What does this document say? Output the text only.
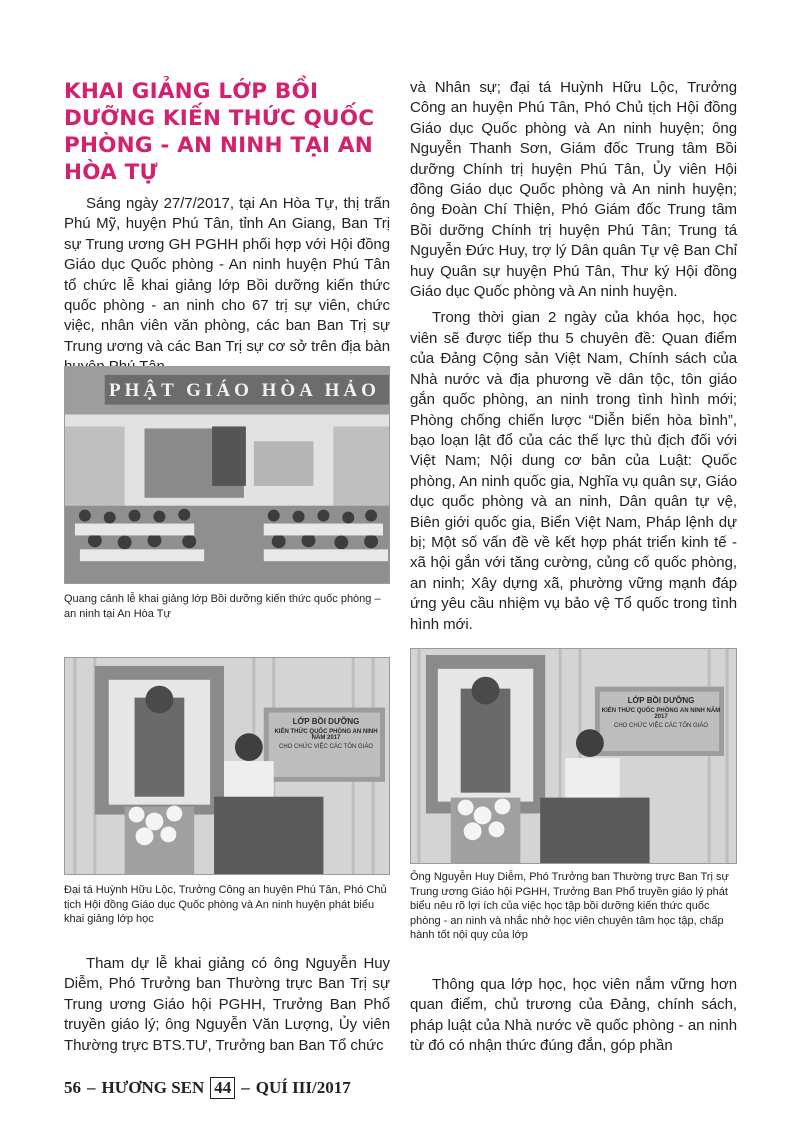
KHAI GIẢNG LỚP BỒI DƯỠNG KIẾN THỨC QUỐC PHÒNG - AN NINH TẠI AN HÒA TỰ

Sáng ngày 27/7/2017, tại An Hòa Tự, thị trấn Phú Mỹ, huyện Phú Tân, tỉnh An Giang, Ban Trị sự Trung ương GH PGHH phối hợp với Hội đồng Giáo dục Quốc phòng - An ninh huyện Phú Tân tổ chức lễ khai giảng lớp Bồi dưỡng kiến thức quốc phòng - an ninh cho 67 trị sự viên, chức việc, nhân viên văn phòng, các ban Ban Trị sự Trung ương và các Ban Trị sự cơ sở trên địa bàn

PHẬT GIÁO HÒA HẢO

Quang cảnh lễ khai giảng lớp Bồi dưỡng kiến thức quốc phòng – an ninh tại An Hòa Tự

LỚP BỒI DƯỠNG
KIẾN THỨC QUỐC PHÒNG AN NINH NĂM 2017
CHO CHỨC VIỆC CÁC TÔN GIÁO

Đại tá Huỳnh Hữu Lộc, Trưởng Công an huyện Phú Tân, Phó Chủ tịch Hội đồng Giáo dục Quốc phòng và An ninh huyện phát biểu khai giảng lớp học

Tham dự lễ khai giảng có ông Nguyễn Huy Diễm, Phó Trưởng ban Thường trực Ban Trị sự Trung ương Giáo hội PGHH, Trưởng Ban Phổ truyền giáo lý; ông Nguyễn Văn Lượng, Ủy viên Thường trực BTS.TƯ, Trưởng ban Ban Tổ chức

và Nhân sự; đại tá Huỳnh Hữu Lộc, Trưởng Công an huyện Phú Tân, Phó Chủ tịch Hội đồng Giáo dục Quốc phòng và An ninh huyện; ông Nguyễn Thanh Sơn, Giám đốc Trung tâm Bồi dưỡng Chính trị huyện Phú Tân, Ủy viên Hội đồng Giáo dục Quốc phòng và An ninh huyện; ông Đoàn Chí Thiện, Phó Giám đốc Trung tâm Bồi dưỡng Chính trị huyện Phú Tân; Trung tá Nguyễn Đức Huy, trợ lý Dân quân Tự vệ Ban Chỉ huy Quân sự huyện Phú Tân, Thư ký Hội đồng Giáo dục Quốc phòng và An ninh huyện.

Trong thời gian 2 ngày của khóa học, học viên sẽ được tiếp thu 5 chuyên đề: Quan điểm của Đảng Cộng sản Việt Nam, Chính sách của Nhà nước và địa phương về dân tộc, tôn giáo gắn quốc phòng, an ninh trong tình hình mới; Phòng chống chiến lược “Diễn biến hòa bình”, bạo loạn lật đổ của các thế lực thù địch đối với Việt Nam; Nội dung cơ bản của Luật: Quốc phòng, An ninh quốc gia, Nghĩa vụ quân sự, Giáo dục quốc phòng và an ninh, Dân quân tự vệ, Biên giới quốc gia, Biển Việt Nam, Pháp lệnh dự bị; Một số vấn đề về kết hợp phát triển kinh tế - xã hội gắn với tăng cường, củng cố quốc phòng, an ninh; Xây dựng xã, phường vững mạnh đáp ứng yêu cầu nhiệm vụ bảo vệ Tổ quốc trong tình hình mới.

LỚP BỒI DƯỠNG
KIẾN THỨC QUỐC PHÒNG AN NINH NĂM 2017
CHO CHỨC VIỆC CÁC TÔN GIÁO

Ông Nguyễn Huy Diễm, Phó Trưởng ban Thường trực Ban Trị sự Trung ương Giáo hội PGHH, Trưởng Ban Phổ truyền giáo lý phát biểu nêu rõ lợi ích của việc học tập bồi dưỡng kiến thức quốc phòng - an ninh và nhắc nhở học viên chuyên tâm học tập, chấp hành tốt nội quy của lớp

Thông qua lớp học, học viên nắm vững hơn quan điểm, chủ trương của Đảng, chính sách, pháp luật của Nhà nước về quốc phòng - an ninh từ đó có nhận thức đúng đắn, góp phần

56 – HƯƠNG SEN 44 – QUÍ III/2017
